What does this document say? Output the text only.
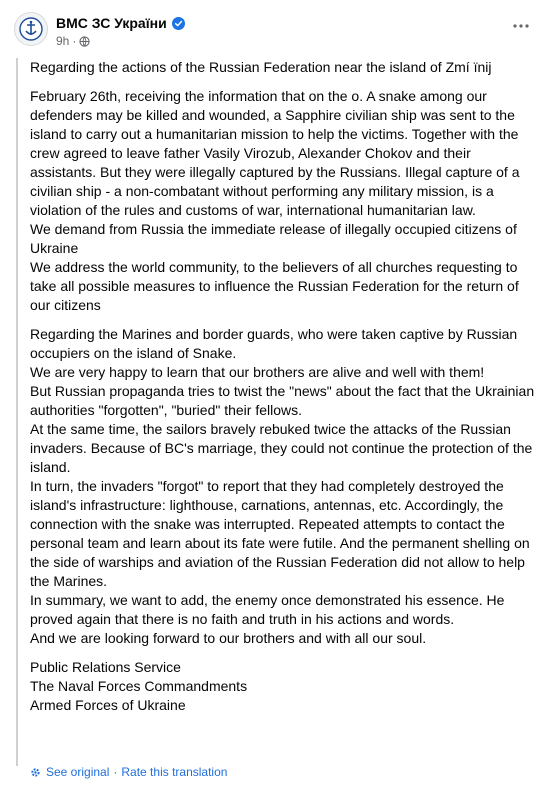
ВМС ЗС України
9h ·

Regarding the actions of the Russian Federation near the island of Zmí ïnij

February 26th, receiving the information that on the o. A snake among our defenders may be killed and wounded, a Sapphire civilian ship was sent to the island to carry out a humanitarian mission to help the victims. Together with the crew agreed to leave father Vasily Virozub, Alexander Chokov and their assistants. But they were illegally captured by the Russians. Illegal capture of a civilian ship - a non-combatant without performing any military mission, is a violation of the rules and customs of war, international humanitarian law.
We demand from Russia the immediate release of illegally occupied citizens of Ukraine
We address the world community, to the believers of all churches requesting to take all possible measures to influence the Russian Federation for the return of our citizens

Regarding the Marines and border guards, who were taken captive by Russian occupiers on the island of Snake.
We are very happy to learn that our brothers are alive and well with them!
But Russian propaganda tries to twist the "news" about the fact that the Ukrainian authorities "forgotten", "buried" their fellows.
At the same time, the sailors bravely rebuked twice the attacks of the Russian invaders. Because of BC's marriage, they could not continue the protection of the island.
In turn, the invaders "forgot" to report that they had completely destroyed the island's infrastructure: lighthouse, carnations, antennas, etc. Accordingly, the connection with the snake was interrupted. Repeated attempts to contact the personal team and learn about its fate were futile. And the permanent shelling on the side of warships and aviation of the Russian Federation did not allow to help the Marines.
In summary, we want to add, the enemy once demonstrated his essence. He proved again that there is no faith and truth in his actions and words.
And we are looking forward to our brothers and with all our soul.

Public Relations Service
The Naval Forces Commandments
Armed Forces of Ukraine

See original · Rate this translation
